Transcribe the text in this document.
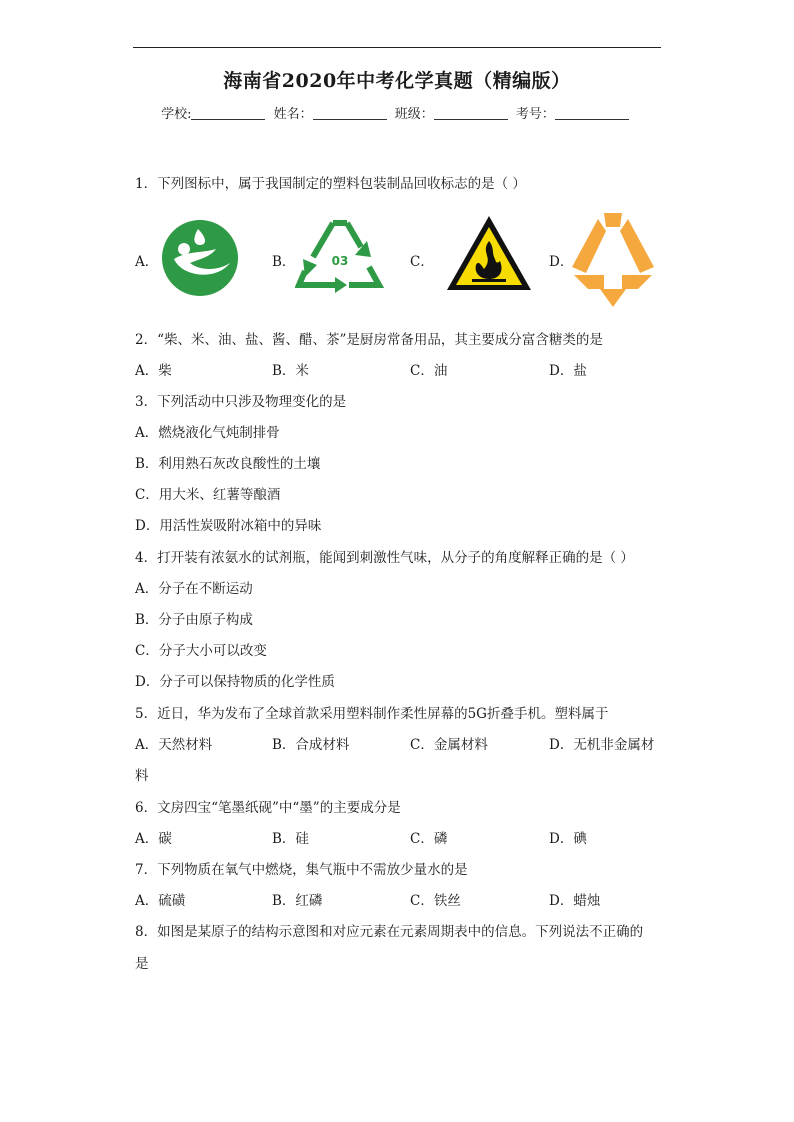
海南省2020年中考化学真题（精编版）
学校:	姓名：	班级：	考号：
1．下列图标中，属于我国制定的塑料包装制品回收标志的是（ ）
A．	B．	C．	D．
03
2．“柴、米、油、盐、酱、醋、茶”是厨房常备用品，其主要成分富含糖类的是
A．柴	B．米	C．油	D．盐
3．下列活动中只涉及物理变化的是
A．燃烧液化气炖制排骨
B．利用熟石灰改良酸性的土壤
C．用大米、红薯等酿酒
D．用活性炭吸附冰箱中的异味
4．打开装有浓氨水的试剂瓶，能闻到刺激性气味，从分子的角度解释正确的是（ ）
A．分子在不断运动
B．分子由原子构成
C．分子大小可以改变
D．分子可以保持物质的化学性质
5．近日，华为发布了全球首款采用塑料制作柔性屏幕的5G折叠手机。塑料属于
A．天然材料	B．合成材料	C．金属材料	D．无机非金属材
料
6．文房四宝“笔墨纸砚”中“墨”的主要成分是
A．碳	B．硅	C．磷	D．碘
7．下列物质在氧气中燃烧，集气瓶中不需放少量水的是
A．硫磺	B．红磷	C．铁丝	D．蜡烛
8．如图是某原子的结构示意图和对应元素在元素周期表中的信息。下列说法不正确的
是
